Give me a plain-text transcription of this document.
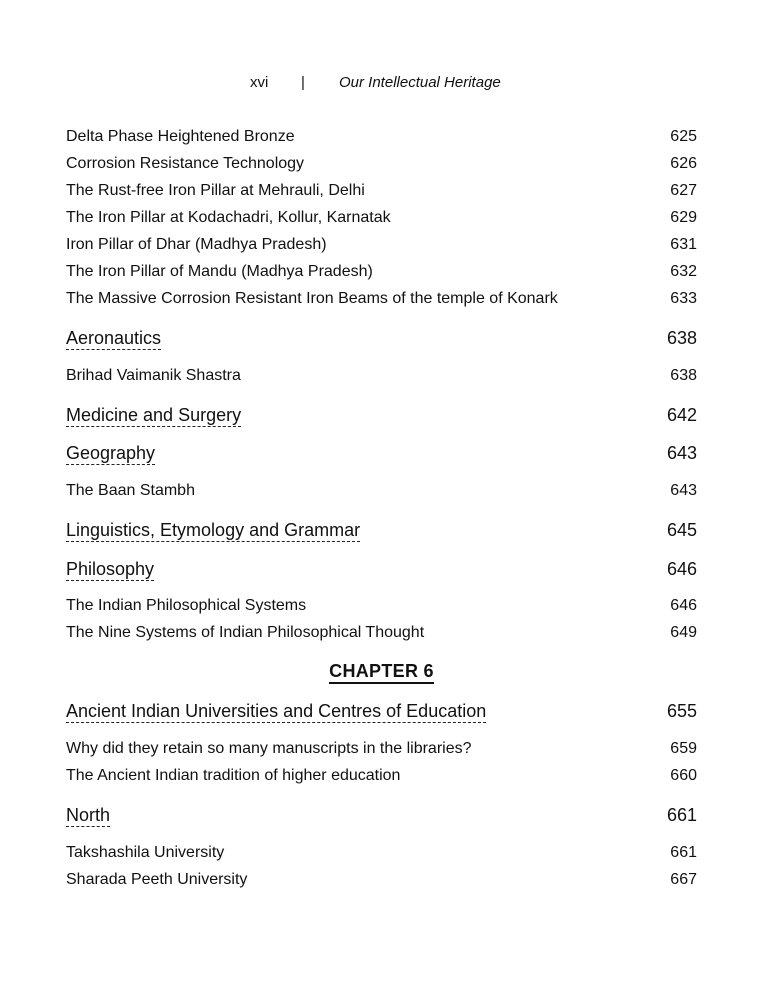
xvi | Our Intellectual Heritage
Delta Phase Heightened Bronze	625
Corrosion Resistance Technology	626
The Rust-free Iron Pillar at Mehrauli, Delhi	627
The Iron Pillar at Kodachadri, Kollur, Karnatak	629
Iron Pillar of Dhar (Madhya Pradesh)	631
The Iron Pillar of Mandu (Madhya Pradesh)	632
The Massive Corrosion Resistant Iron Beams of the temple of Konark	633
Aeronautics	638
Brihad Vaimanik Shastra	638
Medicine and Surgery	642
Geography	643
The Baan Stambh	643
Linguistics, Etymology and Grammar	645
Philosophy	646
The Indian Philosophical Systems	646
The Nine Systems of Indian Philosophical Thought	649
CHAPTER 6
Ancient Indian Universities and Centres of Education	655
Why did they retain so many manuscripts in the libraries?	659
The Ancient Indian tradition of higher education	660
North	661
Takshashila University	661
Sharada Peeth University	667
